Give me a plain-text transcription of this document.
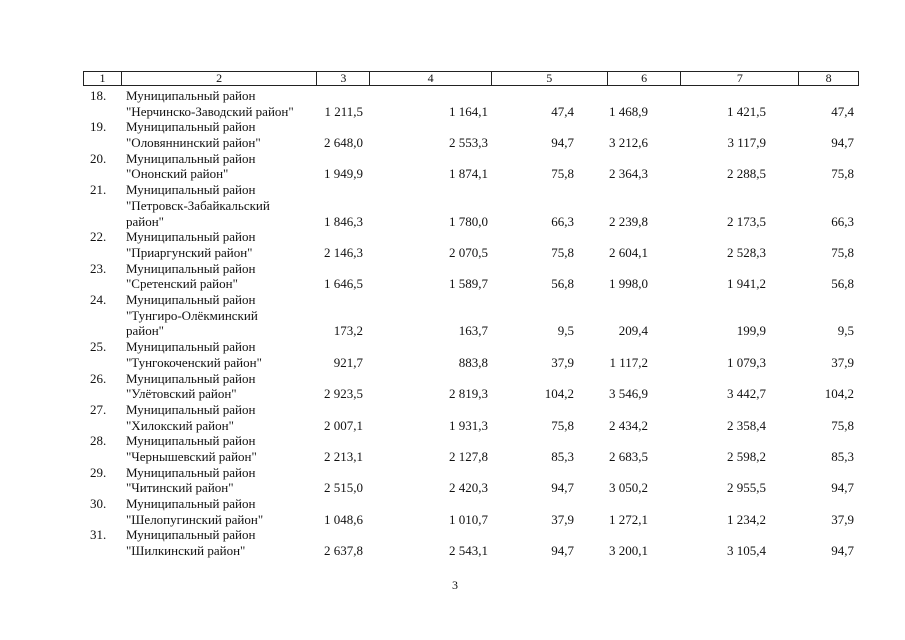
1	2	3	4	5	6	7	8
18.	Муниципальный район
"Нерчинско-Заводский район"	1 211,5	1 164,1	47,4	1 468,9	1 421,5	47,4
19.	Муниципальный район
"Оловяннинский район"	2 648,0	2 553,3	94,7	3 212,6	3 117,9	94,7
20.	Муниципальный район
"Ононский район"	1 949,9	1 874,1	75,8	2 364,3	2 288,5	75,8
21.	Муниципальный район
"Петровск-Забайкальский
район"	1 846,3	1 780,0	66,3	2 239,8	2 173,5	66,3
22.	Муниципальный район
"Приаргунский район"	2 146,3	2 070,5	75,8	2 604,1	2 528,3	75,8
23.	Муниципальный район
"Сретенский район"	1 646,5	1 589,7	56,8	1 998,0	1 941,2	56,8
24.	Муниципальный район
"Тунгиро-Олёкминский
район"	173,2	163,7	9,5	209,4	199,9	9,5
25.	Муниципальный район
"Тунгокоченский район"	921,7	883,8	37,9	1 117,2	1 079,3	37,9
26.	Муниципальный район
"Улётовский район"	2 923,5	2 819,3	104,2	3 546,9	3 442,7	104,2
27.	Муниципальный район
"Хилокский район"	2 007,1	1 931,3	75,8	2 434,2	2 358,4	75,8
28.	Муниципальный район
"Чернышевский район"	2 213,1	2 127,8	85,3	2 683,5	2 598,2	85,3
29.	Муниципальный район
"Читинский район"	2 515,0	2 420,3	94,7	3 050,2	2 955,5	94,7
30.	Муниципальный район
"Шелопугинский район"	1 048,6	1 010,7	37,9	1 272,1	1 234,2	37,9
31.	Муниципальный район
"Шилкинский район"	2 637,8	2 543,1	94,7	3 200,1	3 105,4	94,7
3
